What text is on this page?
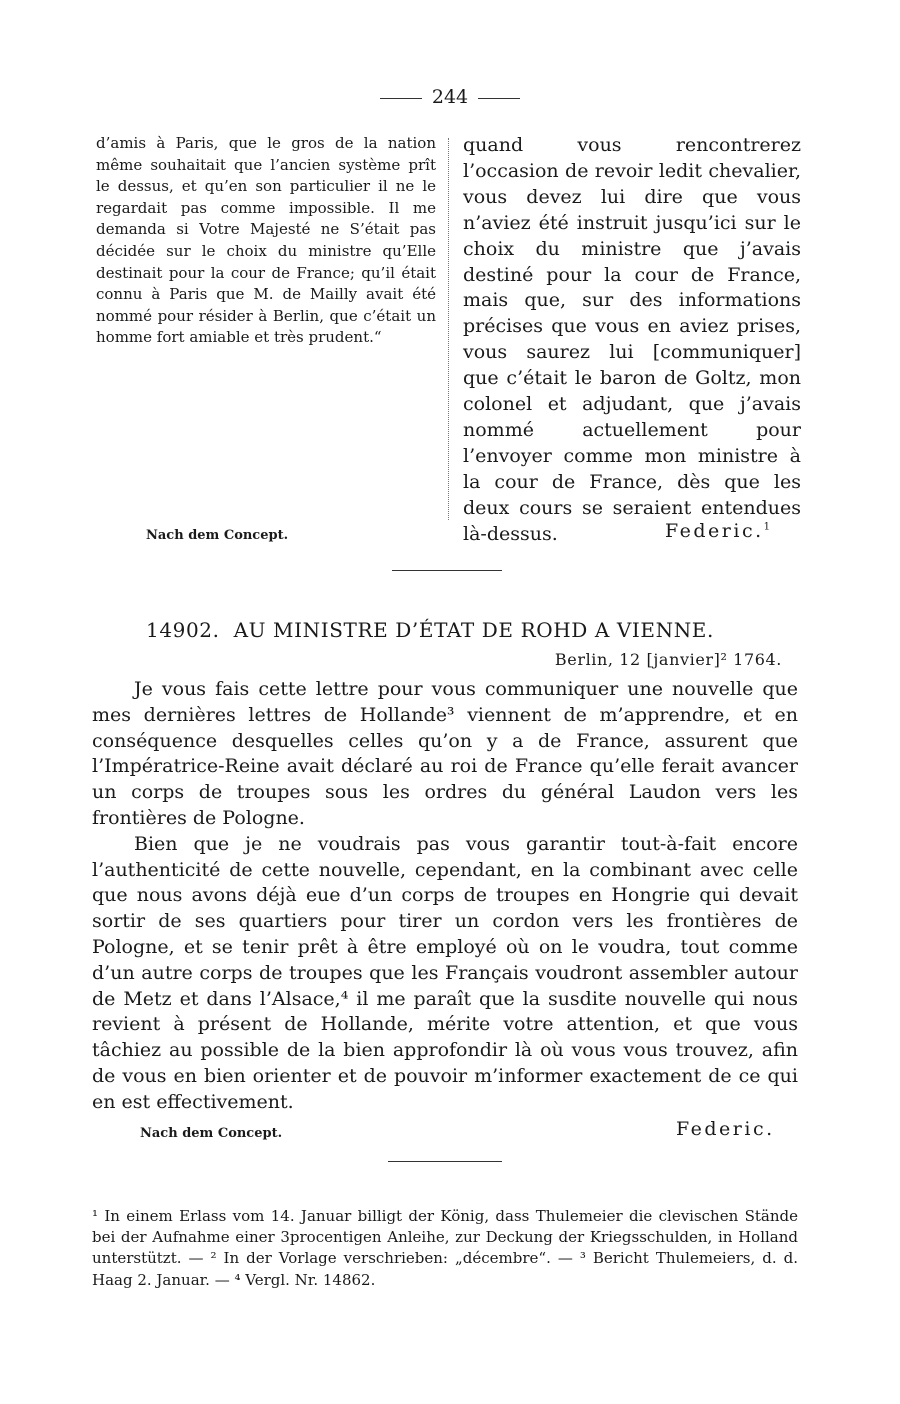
244

d’amis à Paris, que le gros de la nation même souhaitait que l’ancien système prît le dessus, et qu’en son particulier il ne le regardait pas comme impossible. Il me demanda si Votre Majesté ne S’était pas décidée sur le choix du ministre qu’Elle destinait pour la cour de France; qu’il était connu à Paris que M. de Mailly avait été nommé pour résider à Berlin, que c’était un homme fort amiable et très prudent.“

quand vous rencontrerez l’occasion de revoir ledit chevalier, vous devez lui dire que vous n’aviez été instruit jusqu’ici sur le choix du ministre que j’avais destiné pour la cour de France, mais que, sur des informations précises que vous en aviez prises, vous saurez lui [communiquer] que c’était le baron de Goltz, mon colonel et adjudant, que j’avais nommé actuellement pour l’envoyer comme mon ministre à la cour de France, dès que les deux cours se seraient entendues là-dessus.

Nach dem Concept.	Federic.$^1$
14902. AU MINISTRE D’ÉTAT DE ROHD A VIENNE.
Berlin, 12 [janvier]² 1764.

Je vous fais cette lettre pour vous communiquer une nouvelle que mes dernières lettres de Hollande³ viennent de m’apprendre, et en conséquence desquelles celles qu’on y a de France, assurent que l’Impératrice-Reine avait déclaré au roi de France qu’elle ferait avancer un corps de troupes sous les ordres du général Laudon vers les frontières de Pologne.

Bien que je ne voudrais pas vous garantir tout-à-fait encore l’authenticité de cette nouvelle, cependant, en la combinant avec celle que nous avons déjà eue d’un corps de troupes en Hongrie qui devait sortir de ses quartiers pour tirer un cordon vers les frontières de Pologne, et se tenir prêt à être employé où on le voudra, tout comme d’un autre corps de troupes que les Français voudront assembler autour de Metz et dans l’Alsace,⁴ il me paraît que la susdite nouvelle qui nous revient à présent de Hollande, mérite votre attention, et que vous tâchiez au possible de la bien approfondir là où vous vous trouvez, afin de vous en bien orienter et de pouvoir m’informer exactement de ce qui en est effectivement.

Nach dem Concept.	Federic.

¹ In einem Erlass vom 14. Januar billigt der König, dass Thulemeier die clevischen Stände bei der Aufnahme einer 3procentigen Anleihe, zur Deckung der Kriegsschulden, in Holland unterstützt. — ² In der Vorlage verschrieben: „décembre“. — ³ Bericht Thulemeiers, d. d. Haag 2. Januar. — ⁴ Vergl. Nr. 14862.
